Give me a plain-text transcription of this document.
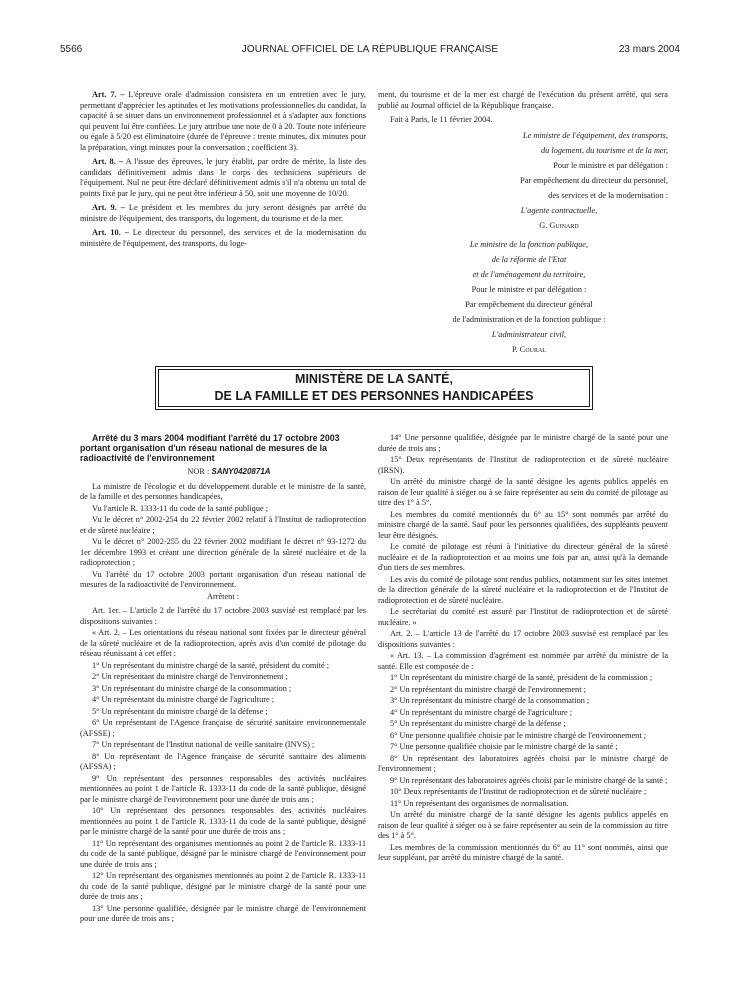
5566	JOURNAL OFFICIEL DE LA RÉPUBLIQUE FRANÇAISE	23 mars 2004

Art. 7. – L'épreuve orale d'admission consistera en un entretien avec le jury, permettant d'apprécier les aptitudes et les motivations professionnelles du candidat, la capacité à se situer dans un environnement professionnel et à s'adapter aux fonctions qui peuvent lui être confiées. Le jury attribue une note de 0 à 20. Toute note inférieure ou égale à 5/20 est éliminatoire (durée de l'épreuve : trente minutes, dix minutes pour la préparation, vingt minutes pour la conversation ; coefficient 3).

Art. 8. – A l'issue des épreuves, le jury établit, par ordre de mérite, la liste des candidats définitivement admis dans le corps des techniciens supérieurs de l'équipement. Nul ne peut être déclaré définitivement admis s'il n'a obtenu un total de points fixé par le jury, qui ne peut être inférieur à 50, soit une moyenne de 10/20.

Art. 9. – Le président et les membres du jury seront désignés par arrêté du ministre de l'équipement, des transports, du logement, du tourisme et de la mer.

Art. 10. – Le directeur du personnel, des services et de la modernisation du ministère de l'équipement, des transports, du loge-

ment, du tourisme et de la mer est chargé de l'exécution du présent arrêté, qui sera publié au Journal officiel de la République française.

Fait à Paris, le 11 février 2004.

Le ministre de l'équipement, des transports,

du logement, du tourisme et de la mer,

Pour le ministre et par délégation :

Par empêchement du directeur du personnel,

des services et de la modernisation :

L'agente contractuelle,

G. Guinard

Le ministre de la fonction publique,

de la réforme de l'Etat

et de l'aménagement du territoire,

Pour le ministre et par délégation :

Par empêchement du directeur général

de l'administration et de la fonction publique :

L'administrateur civil,

P. Coural

MINISTÈRE DE LA SANTÉ,
DE LA FAMILLE ET DES PERSONNES HANDICAPÉES

Arrêté du 3 mars 2004 modifiant l'arrêté du 17 octobre 2003 portant organisation d'un réseau national de mesures de la radioactivité de l'environnement

NOR : SANY0420871A

La ministre de l'écologie et du développement durable et le ministre de la santé, de la famille et des personnes handicapées,

Vu l'article R. 1333-11 du code de la santé publique ;

Vu le décret n° 2002-254 du 22 février 2002 relatif à l'Institut de radioprotection et de sûreté nucléaire ;

Vu le décret n° 2002-255 du 22 février 2002 modifiant le décret n° 93-1272 du 1er décembre 1993 et créant une direction générale de la sûreté nucléaire et de la radioprotection ;

Vu l'arrêté du 17 octobre 2003 portant organisation d'un réseau national de mesures de la radioactivité de l'environnement.

Arrêtent :

Art. 1er. – L'article 2 de l'arrêté du 17 octobre 2003 susvisé est remplacé par les dispositions suivantes :

« Art. 2. – Les orientations du réseau national sont fixées par le directeur général de la sûreté nucléaire et de la radioprotection, après avis d'un comité de pilotage du réseau réunissant à cet effet :

1° Un représentant du ministre chargé de la santé, président du comité ;

2° Un représentant du ministre chargé de l'environnement ;

3° Un représentant du ministre chargé de la consommation ;

4° Un représentant du ministre chargé de l'agriculture ;

5° Un représentant du ministre chargé de la défense ;

6° Un représentant de l'Agence française de sécurité sanitaire environnementale (AFSSE) ;

7° Un représentant de l'Institut national de veille sanitaire (INVS) ;

8° Un représentant de l'Agence française de sécurité sanitaire des aliments (AFSSA) ;

9° Un représentant des personnes responsables des activités nucléaires mentionnées au point 1 de l'article R. 1333-11 du code de la santé publique, désigné par le ministre chargé de l'environnement pour une durée de trois ans ;

10° Un représentant des personnes responsables des activités nucléaires mentionnées au point 1 de l'article R. 1333-11 du code de la santé publique, désigné par le ministre chargé de la santé pour une durée de trois ans ;

11° Un représentant des organismes mentionnés au point 2 de l'article R. 1333-11 du code de la santé publique, désigné par le ministre chargé de l'environnement pour une durée de trois ans ;

12° Un représentant des organismes mentionnés au point 2 de l'article R. 1333-11 du code de la santé publique, désigné par le ministre chargé de la santé pour une durée de trois ans ;

13° Une personne qualifiée, désignée par le ministre chargé de l'environnement pour une durée de trois ans ;

14° Une personne qualifiée, désignée par le ministre chargé de la santé pour une durée de trois ans ;

15° Deux représentants de l'Institut de radioprotection et de sûreté nucléaire (IRSN).

Un arrêté du ministre chargé de la santé désigne les agents publics appelés en raison de leur qualité à siéger ou à se faire représenter au sein du comité de pilotage au titre des 1° à 5°.

Les membres du comité mentionnés du 6° au 15° sont nommés par arrêté du ministre chargé de la santé. Sauf pour les personnes qualifiées, des suppléants peuvent leur être désignés.

Le comité de pilotage est réuni à l'initiative du directeur général de la sûreté nucléaire et de la radioprotection et au moins une fois par an, ainsi qu'à la demande d'un tiers de ses membres.

Les avis du comité de pilotage sont rendus publics, notamment sur les sites internet de la direction générale de la sûreté nucléaire et la radioprotection et de l'Institut de radioprotection et de sûreté nucléaire.

Le secrétariat du comité est assuré par l'Institut de radioprotection et de sûreté nucléaire. »

Art. 2. – L'article 13 de l'arrêté du 17 octobre 2003 susvisé est remplacé par les dispositions suivantes :

« Art. 13. – La commission d'agrément est nommée par arrêté du ministre de la santé. Elle est composée de :

1° Un représentant du ministre chargé de la santé, président de la commission ;

2° Un représentant du ministre chargé de l'environnement ;

3° Un représentant du ministre chargé de la consommation ;

4° Un représentant du ministre chargé de l'agriculture ;

5° Un représentant du ministre chargé de la défense ;

6° Une personne qualifiée choisie par le ministre chargé de l'environnement ;

7° Une personne qualifiée choisie par le ministre chargé de la santé ;

8° Un représentant des laboratoires agréés choisi par le ministre chargé de l'environnement ;

9° Un représentant des laboratoires agréés choisi par le ministre chargé de la santé ;

10° Deux représentants de l'Institut de radioprotection et de sûreté nucléaire ;

11° Un représentant des organismes de normalisation.

Un arrêté du ministre chargé de la santé désigne les agents publics appelés en raison de leur qualité à siéger ou à se faire représenter au sein de la commission au titre des 1° à 5°.

Les membres de la commission mentionnés du 6° au 11° sont nommés, ainsi que leur suppléant, par arrêté du ministre chargé de la santé.
